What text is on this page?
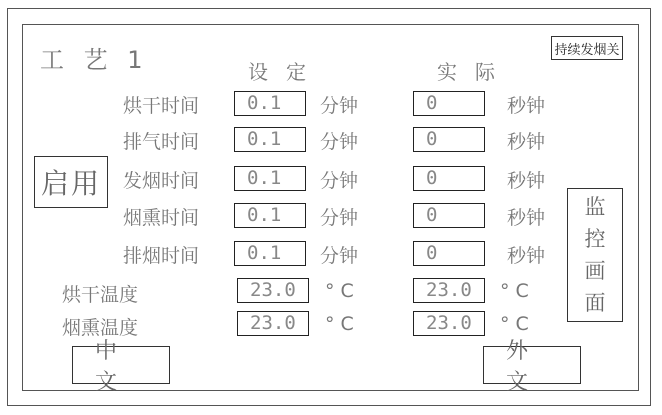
工 艺 1	设定	实际
持续发烟关
启用
监
控
画
面
烘干时间	0.1	分钟	0	秒钟
排气时间	0.1	分钟	0	秒钟
发烟时间	0.1	分钟	0	秒钟
烟熏时间	0.1	分钟	0	秒钟
排烟时间	0.1	分钟	0	秒钟
烘干温度	23.0	° C	23.0	° C
烟熏温度	23.0	° C	23.0	° C
中文
外文
